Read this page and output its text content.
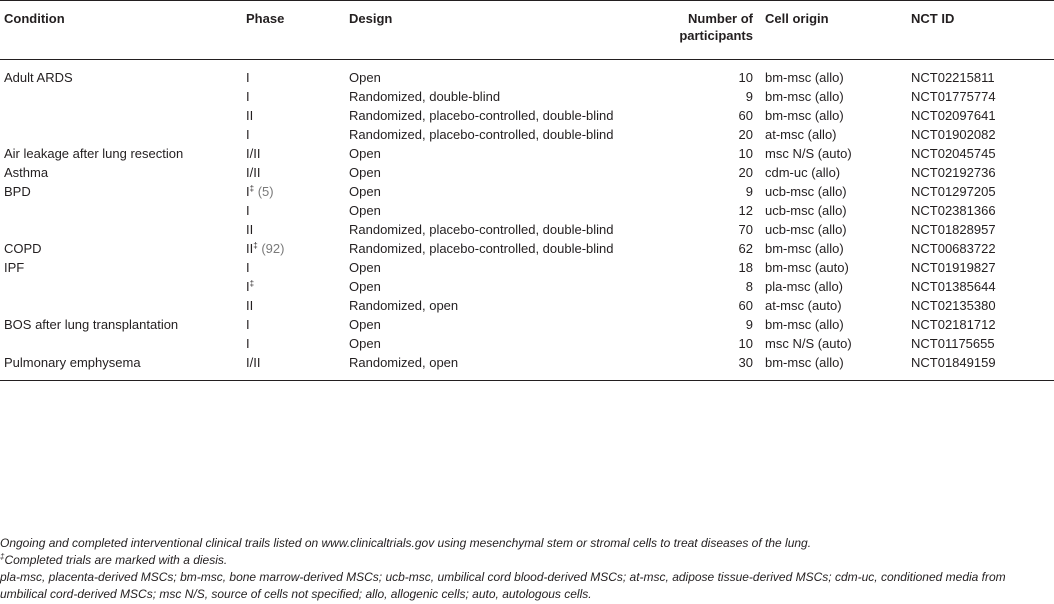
Condition	Phase	Design	Number of participants	Cell origin	NCT ID
Adult ARDS	I	Open	10	bm-msc (allo)	NCT02215811
	I	Randomized, double-blind	9	bm-msc (allo)	NCT01775774
	II	Randomized, placebo-controlled, double-blind	60	bm-msc (allo)	NCT02097641
	I	Randomized, placebo-controlled, double-blind	20	at-msc (allo)	NCT01902082
Air leakage after lung resection	I/II	Open	10	msc N/S (auto)	NCT02045745
Asthma	I/II	Open	20	cdm-uc (allo)	NCT02192736
BPD	I‡ (5)	Open	9	ucb-msc (allo)	NCT01297205
	I	Open	12	ucb-msc (allo)	NCT02381366
	II	Randomized, placebo-controlled, double-blind	70	ucb-msc (allo)	NCT01828957
COPD	II‡ (92)	Randomized, placebo-controlled, double-blind	62	bm-msc (allo)	NCT00683722
IPF	I	Open	18	bm-msc (auto)	NCT01919827
	I‡	Open	8	pla-msc (allo)	NCT01385644
	II	Randomized, open	60	at-msc (auto)	NCT02135380
BOS after lung transplantation	I	Open	9	bm-msc (allo)	NCT02181712
	I	Open	10	msc N/S (auto)	NCT01175655
Pulmonary emphysema	I/II	Randomized, open	30	bm-msc (allo)	NCT01849159
Ongoing and completed interventional clinical trails listed on www.clinicaltrials.gov using mesenchymal stem or stromal cells to treat diseases of the lung.
‡Completed trials are marked with a diesis.
pla-msc, placenta-derived MSCs; bm-msc, bone marrow-derived MSCs; ucb-msc, umbilical cord blood-derived MSCs; at-msc, adipose tissue-derived MSCs; cdm-uc, conditioned media from umbilical cord-derived MSCs; msc N/S, source of cells not specified; allo, allogenic cells; auto, autologous cells.
